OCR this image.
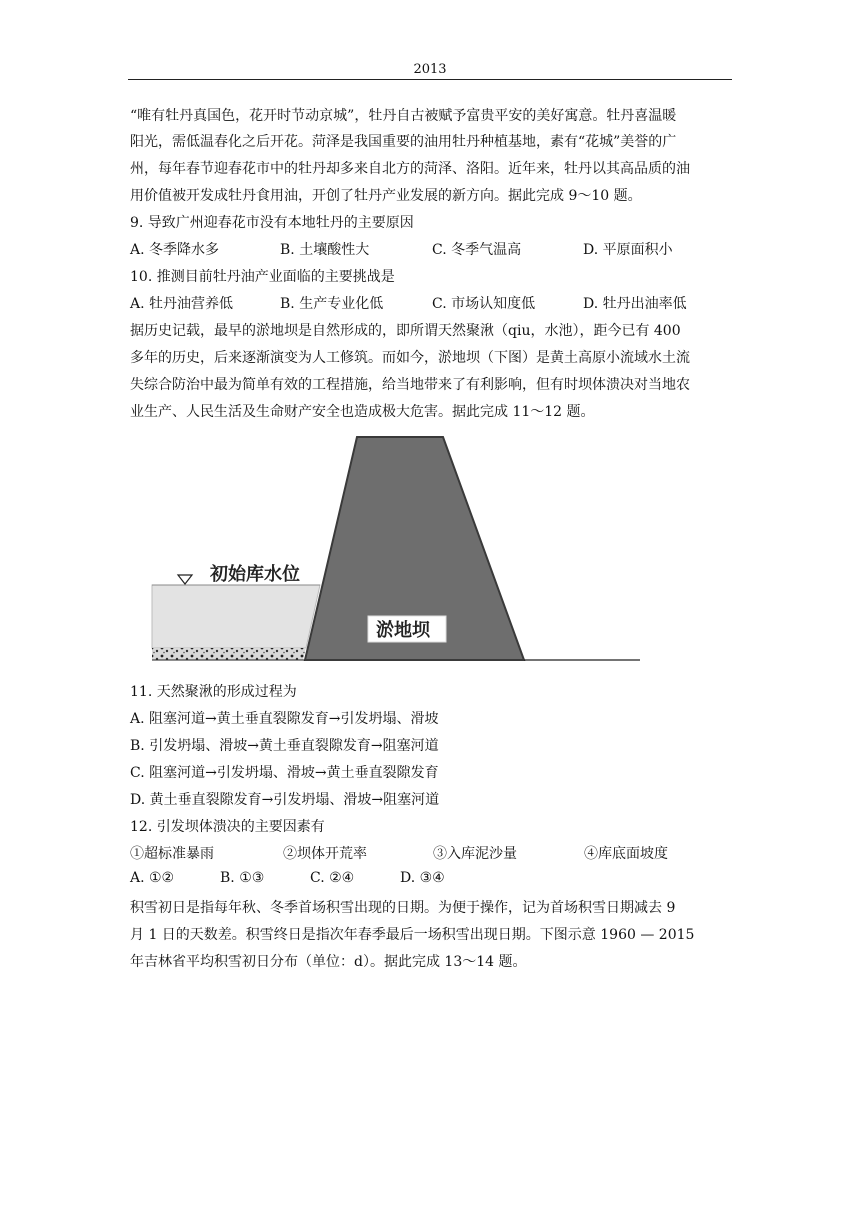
2013
“唯有牡丹真国色，花开时节动京城”，牡丹自古被赋予富贵平安的美好寓意。牡丹喜温暖
阳光，需低温春化之后开花。菏泽是我国重要的油用牡丹种植基地，素有“花城”美誉的广
州，每年春节迎春花市中的牡丹却多来自北方的菏泽、洛阳。近年来，牡丹以其高品质的油
用价值被开发成牡丹食用油，开创了牡丹产业发展的新方向。据此完成 9～10 题。
9. 导致广州迎春花市没有本地牡丹的主要原因
A. 冬季降水多	B. 土壤酸性大	C. 冬季气温高	D. 平原面积小
10. 推测目前牡丹油产业面临的主要挑战是
A. 牡丹油营养低	B. 生产专业化低	C. 市场认知度低	D. 牡丹出油率低
据历史记载，最早的淤地坝是自然形成的，即所谓天然聚湫（qiu，水池），距今已有 400
多年的历史，后来逐渐演变为人工修筑。而如今，淤地坝（下图）是黄土高原小流域水土流
失综合防治中最为简单有效的工程措施，给当地带来了有利影响，但有时坝体溃决对当地农
业生产、人民生活及生命财产安全也造成极大危害。据此完成 11～12 题。
初始库水位
淤地坝
11. 天然聚湫的形成过程为
A. 阻塞河道→黄土垂直裂隙发育→引发坍塌、滑坡
B. 引发坍塌、滑坡→黄土垂直裂隙发育→阻塞河道
C. 阻塞河道→引发坍塌、滑坡→黄土垂直裂隙发育
D. 黄土垂直裂隙发育→引发坍塌、滑坡→阻塞河道
12. 引发坝体溃决的主要因素有
①超标准暴雨	②坝体开荒率	③入库泥沙量	④库底面坡度
A. ①②	B. ①③	C. ②④	D. ③④
积雪初日是指每年秋、冬季首场积雪出现的日期。为便于操作，记为首场积雪日期减去 9
月 1 日的天数差。积雪终日是指次年春季最后一场积雪出现日期。下图示意 1960 — 2015
年吉林省平均积雪初日分布（单位：d）。据此完成 13～14 题。
